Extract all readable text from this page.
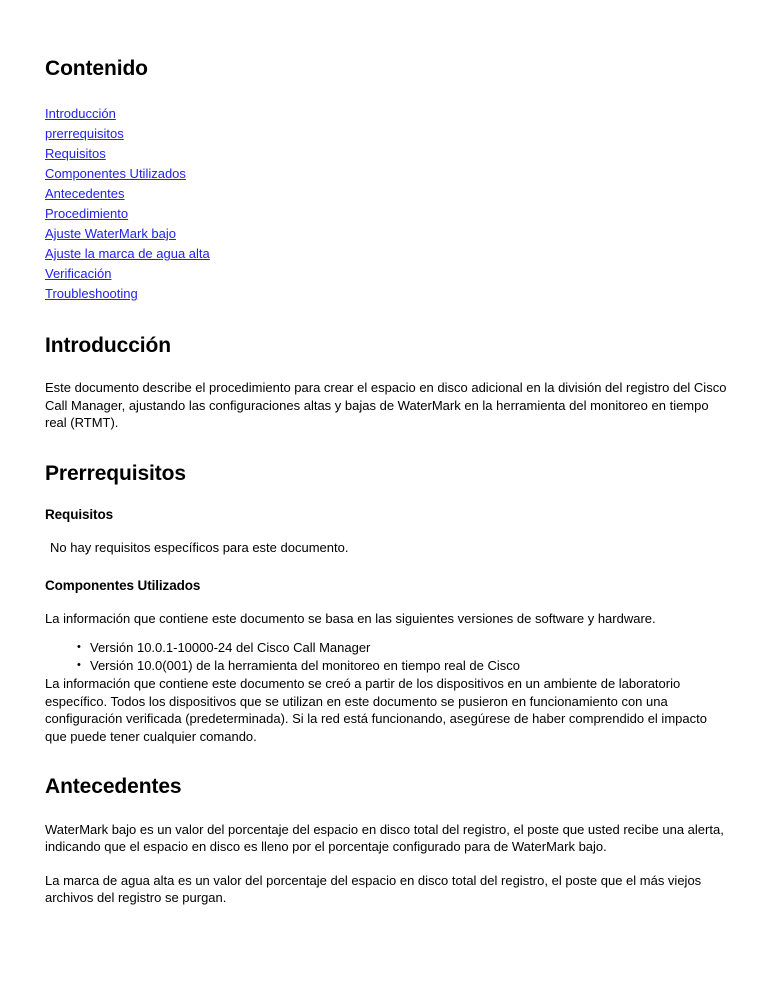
Contenido
Introducción
prerrequisitos
Requisitos
Componentes Utilizados
Antecedentes
Procedimiento
Ajuste WaterMark bajo
Ajuste la marca de agua alta
Verificación
Troubleshooting
Introducción

Este documento describe el procedimiento para crear el espacio en disco adicional en la división del registro del Cisco Call Manager, ajustando las configuraciones altas y bajas de WaterMark en la herramienta del monitoreo en tiempo real (RTMT).

Prerrequisitos
Requisitos

No hay requisitos específicos para este documento.

Componentes Utilizados

La información que contiene este documento se basa en las siguientes versiones de software y hardware.

• Versión 10.0.1-10000-24 del Cisco Call Manager
• Versión 10.0(001) de la herramienta del monitoreo en tiempo real de Cisco

La información que contiene este documento se creó a partir de los dispositivos en un ambiente de laboratorio específico. Todos los dispositivos que se utilizan en este documento se pusieron en funcionamiento con una configuración verificada (predeterminada). Si la red está funcionando, asegúrese de haber comprendido el impacto que puede tener cualquier comando.

Antecedentes

WaterMark bajo es un valor del porcentaje del espacio en disco total del registro, el poste que usted recibe una alerta, indicando que el espacio en disco es lleno por el porcentaje configurado para de WaterMark bajo.

La marca de agua alta es un valor del porcentaje del espacio en disco total del registro, el poste que el más viejos archivos del registro se purgan.
